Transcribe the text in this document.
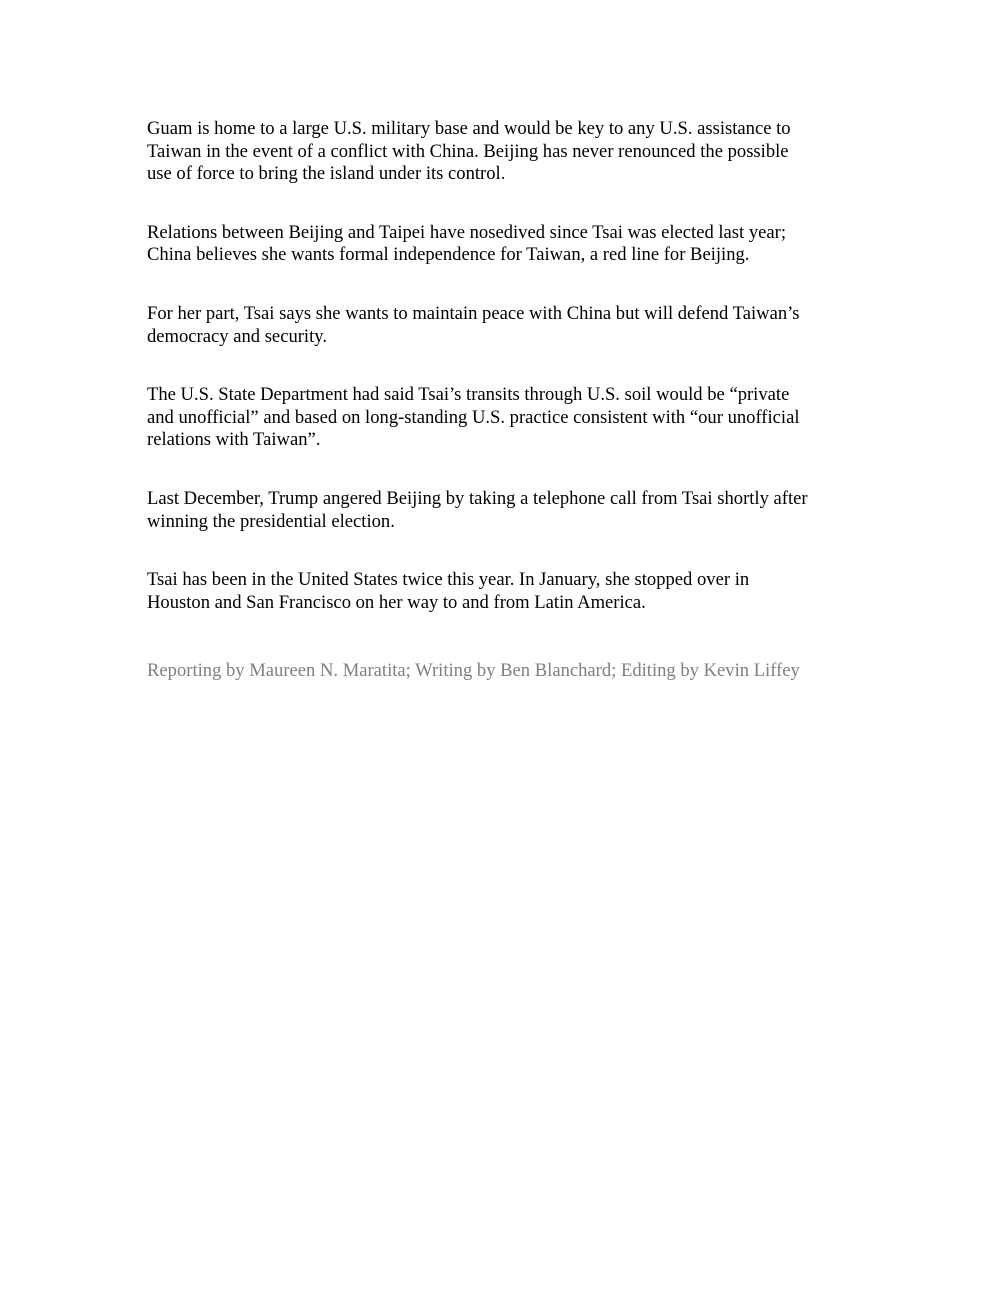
Guam is home to a large U.S. military base and would be key to any U.S. assistance to
Taiwan in the event of a conflict with China. Beijing has never renounced the possible
use of force to bring the island under its control.

Relations between Beijing and Taipei have nosedived since Tsai was elected last year;
China believes she wants formal independence for Taiwan, a red line for Beijing.

For her part, Tsai says she wants to maintain peace with China but will defend Taiwan’s
democracy and security.

The U.S. State Department had said Tsai’s transits through U.S. soil would be “private
and unofficial” and based on long-standing U.S. practice consistent with “our unofficial
relations with Taiwan”.

Last December, Trump angered Beijing by taking a telephone call from Tsai shortly after
winning the presidential election.

Tsai has been in the United States twice this year. In January, she stopped over in
Houston and San Francisco on her way to and from Latin America.

Reporting by Maureen N. Maratita; Writing by Ben Blanchard; Editing by Kevin Liffey
